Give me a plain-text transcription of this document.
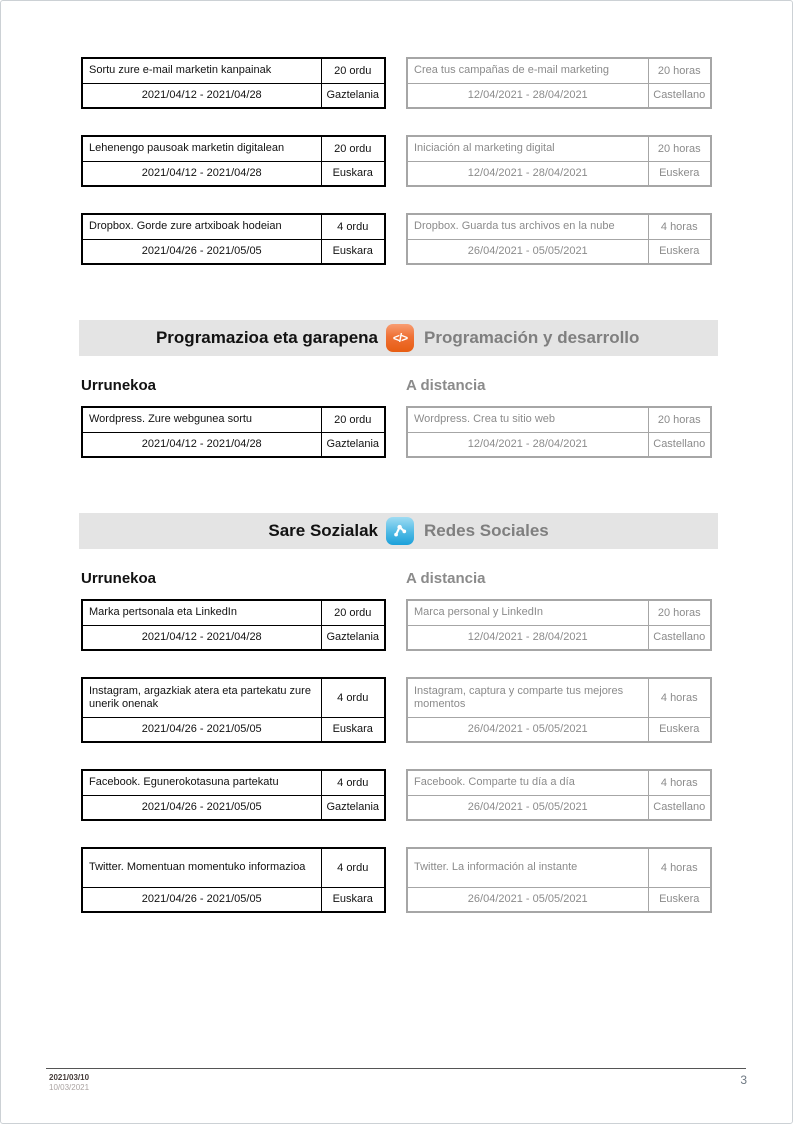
Sortu zure e-mail marketin kanpainak	20 ordu
2021/04/12 - 2021/04/28	Gaztelania
Crea tus campañas de e-mail marketing	20 horas
12/04/2021 - 28/04/2021	Castellano
Lehenengo pausoak marketin digitalean	20 ordu
2021/04/12 - 2021/04/28	Euskara
Iniciación al marketing digital	20 horas
12/04/2021 - 28/04/2021	Euskera
Dropbox. Gorde zure artxiboak hodeian	4 ordu
2021/04/26 - 2021/05/05	Euskara
Dropbox. Guarda tus archivos en la nube	4 horas
26/04/2021 - 05/05/2021	Euskera
Programazioa eta garapena	</> Programación y desarrollo
Urrunekoa	A distancia
Wordpress. Zure webgunea sortu	20 ordu
2021/04/12 - 2021/04/28	Gaztelania
Wordpress. Crea tu sitio web	20 horas
12/04/2021 - 28/04/2021	Castellano
Sare Sozialak	Redes Sociales
Urrunekoa	A distancia
Marka pertsonala eta LinkedIn	20 ordu
2021/04/12 - 2021/04/28	Gaztelania
Marca personal y LinkedIn	20 horas
12/04/2021 - 28/04/2021	Castellano
Instagram, argazkiak atera eta partekatu zure unerik onenak	4 ordu
2021/04/26 - 2021/05/05	Euskara
Instagram, captura y comparte tus mejores momentos	4 horas
26/04/2021 - 05/05/2021	Euskera
Facebook. Egunerokotasuna partekatu	4 ordu
2021/04/26 - 2021/05/05	Gaztelania
Facebook. Comparte tu día a día	4 horas
26/04/2021 - 05/05/2021	Castellano
Twitter. Momentuan momentuko informazioa	4 ordu
2021/04/26 - 2021/05/05	Euskara
Twitter. La información al instante	4 horas
26/04/2021 - 05/05/2021	Euskera
2021/03/10
10/03/2021
3
